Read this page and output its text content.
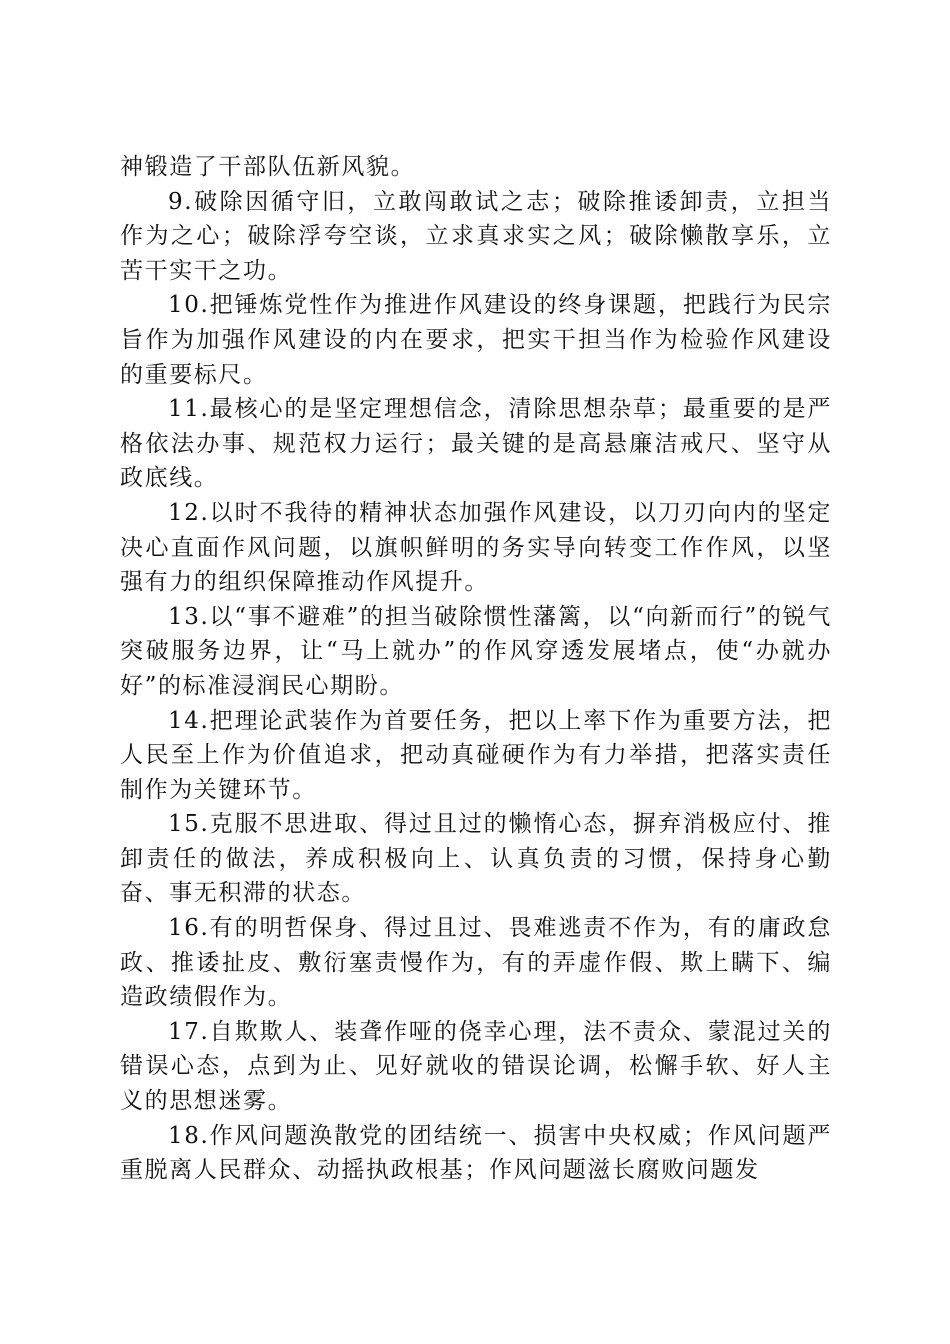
神锻造了干部队伍新风貌。

9.破除因循守旧，立敢闯敢试之志；破除推诿卸责，立担当作为之心；破除浮夸空谈，立求真求实之风；破除懒散享乐，立苦干实干之功。

10.把锤炼党性作为推进作风建设的终身课题，把践行为民宗旨作为加强作风建设的内在要求，把实干担当作为检验作风建设的重要标尺。

11.最核心的是坚定理想信念，清除思想杂草；最重要的是严格依法办事、规范权力运行；最关键的是高悬廉洁戒尺、坚守从政底线。

12.以时不我待的精神状态加强作风建设，以刀刃向内的坚定决心直面作风问题，以旗帜鲜明的务实导向转变工作作风，以坚强有力的组织保障推动作风提升。

13.以“事不避难”的担当破除惯性藩篱，以“向新而行”的锐气突破服务边界，让“马上就办”的作风穿透发展堵点，使“办就办好”的标准浸润民心期盼。

14.把理论武装作为首要任务，把以上率下作为重要方法，把人民至上作为价值追求，把动真碰硬作为有力举措，把落实责任制作为关键环节。

15.克服不思进取、得过且过的懒惰心态，摒弃消极应付、推卸责任的做法，养成积极向上、认真负责的习惯，保持身心勤奋、事无积滞的状态。

16.有的明哲保身、得过且过、畏难逃责不作为，有的庸政怠政、推诿扯皮、敷衍塞责慢作为，有的弄虚作假、欺上瞒下、编造政绩假作为。

17.自欺欺人、装聋作哑的侥幸心理，法不责众、蒙混过关的错误心态，点到为止、见好就收的错误论调，松懈手软、好人主义的思想迷雾。

18.作风问题涣散党的团结统一、损害中央权威；作风问题严重脱离人民群众、动摇执政根基；作风问题滋长腐败问题发
